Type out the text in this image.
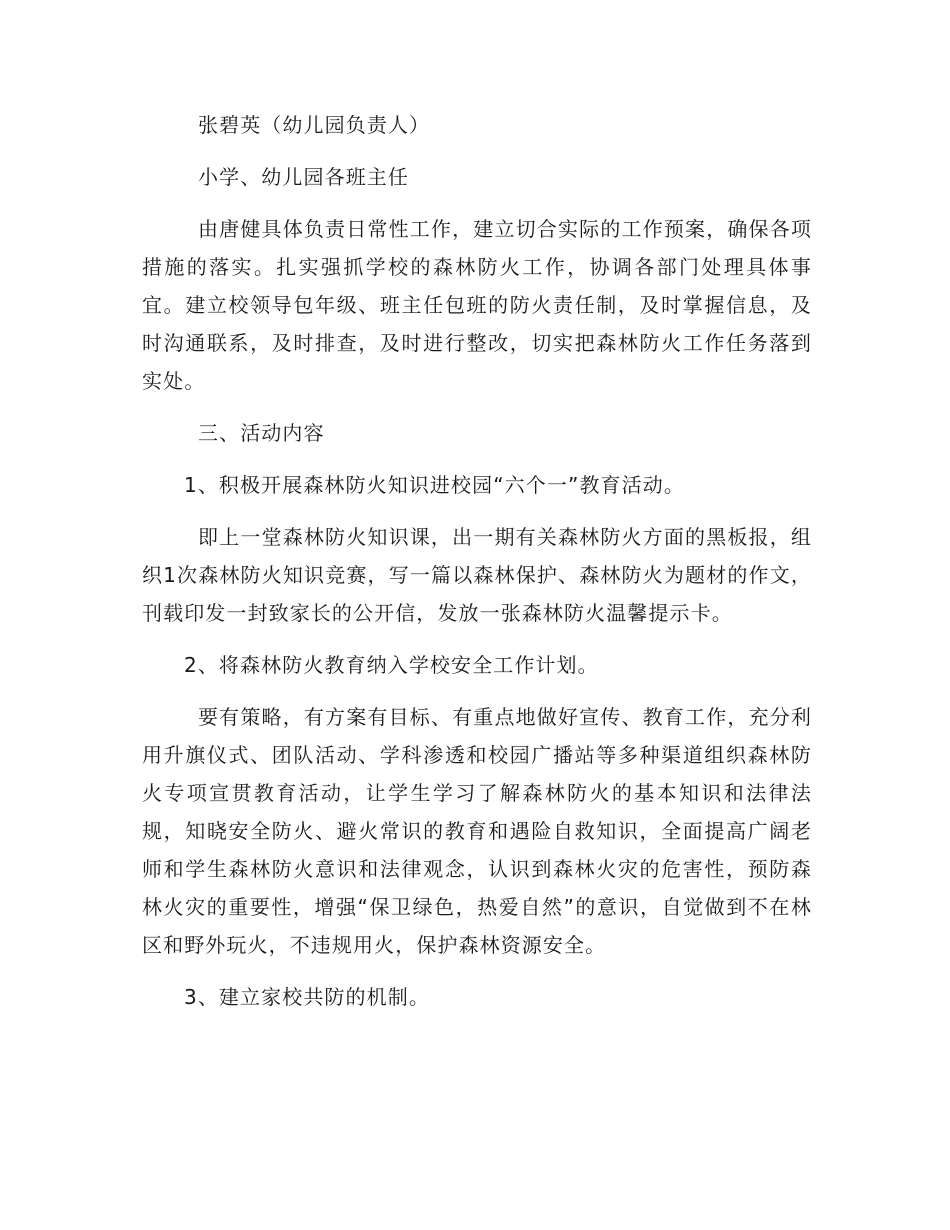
张碧英（幼儿园负责人）

小学、幼儿园各班主任

由唐健具体负责日常性工作，建立切合实际的工作预案，确保各项措施的落实。扎实强抓学校的森林防火工作，协调各部门处理具体事宜。建立校领导包年级、班主任包班的防火责任制，及时掌握信息，及时沟通联系，及时排查，及时进行整改，切实把森林防火工作任务落到实处。

三、活动内容

1、积极开展森林防火知识进校园“六个一”教育活动。

即上一堂森林防火知识课，出一期有关森林防火方面的黑板报，组织1次森林防火知识竞赛，写一篇以森林保护、森林防火为题材的作文，刊载印发一封致家长的公开信，发放一张森林防火温馨提示卡。

2、将森林防火教育纳入学校安全工作计划。

要有策略，有方案有目标、有重点地做好宣传、教育工作，充分利用升旗仪式、团队活动、学科渗透和校园广播站等多种渠道组织森林防火专项宣贯教育活动，让学生学习了解森林防火的基本知识和法律法规，知晓安全防火、避火常识的教育和遇险自救知识，全面提高广阔老师和学生森林防火意识和法律观念，认识到森林火灾的危害性，预防森林火灾的重要性，增强“保卫绿色，热爱自然”的意识，自觉做到不在林区和野外玩火，不违规用火，保护森林资源安全。

3、建立家校共防的机制。
